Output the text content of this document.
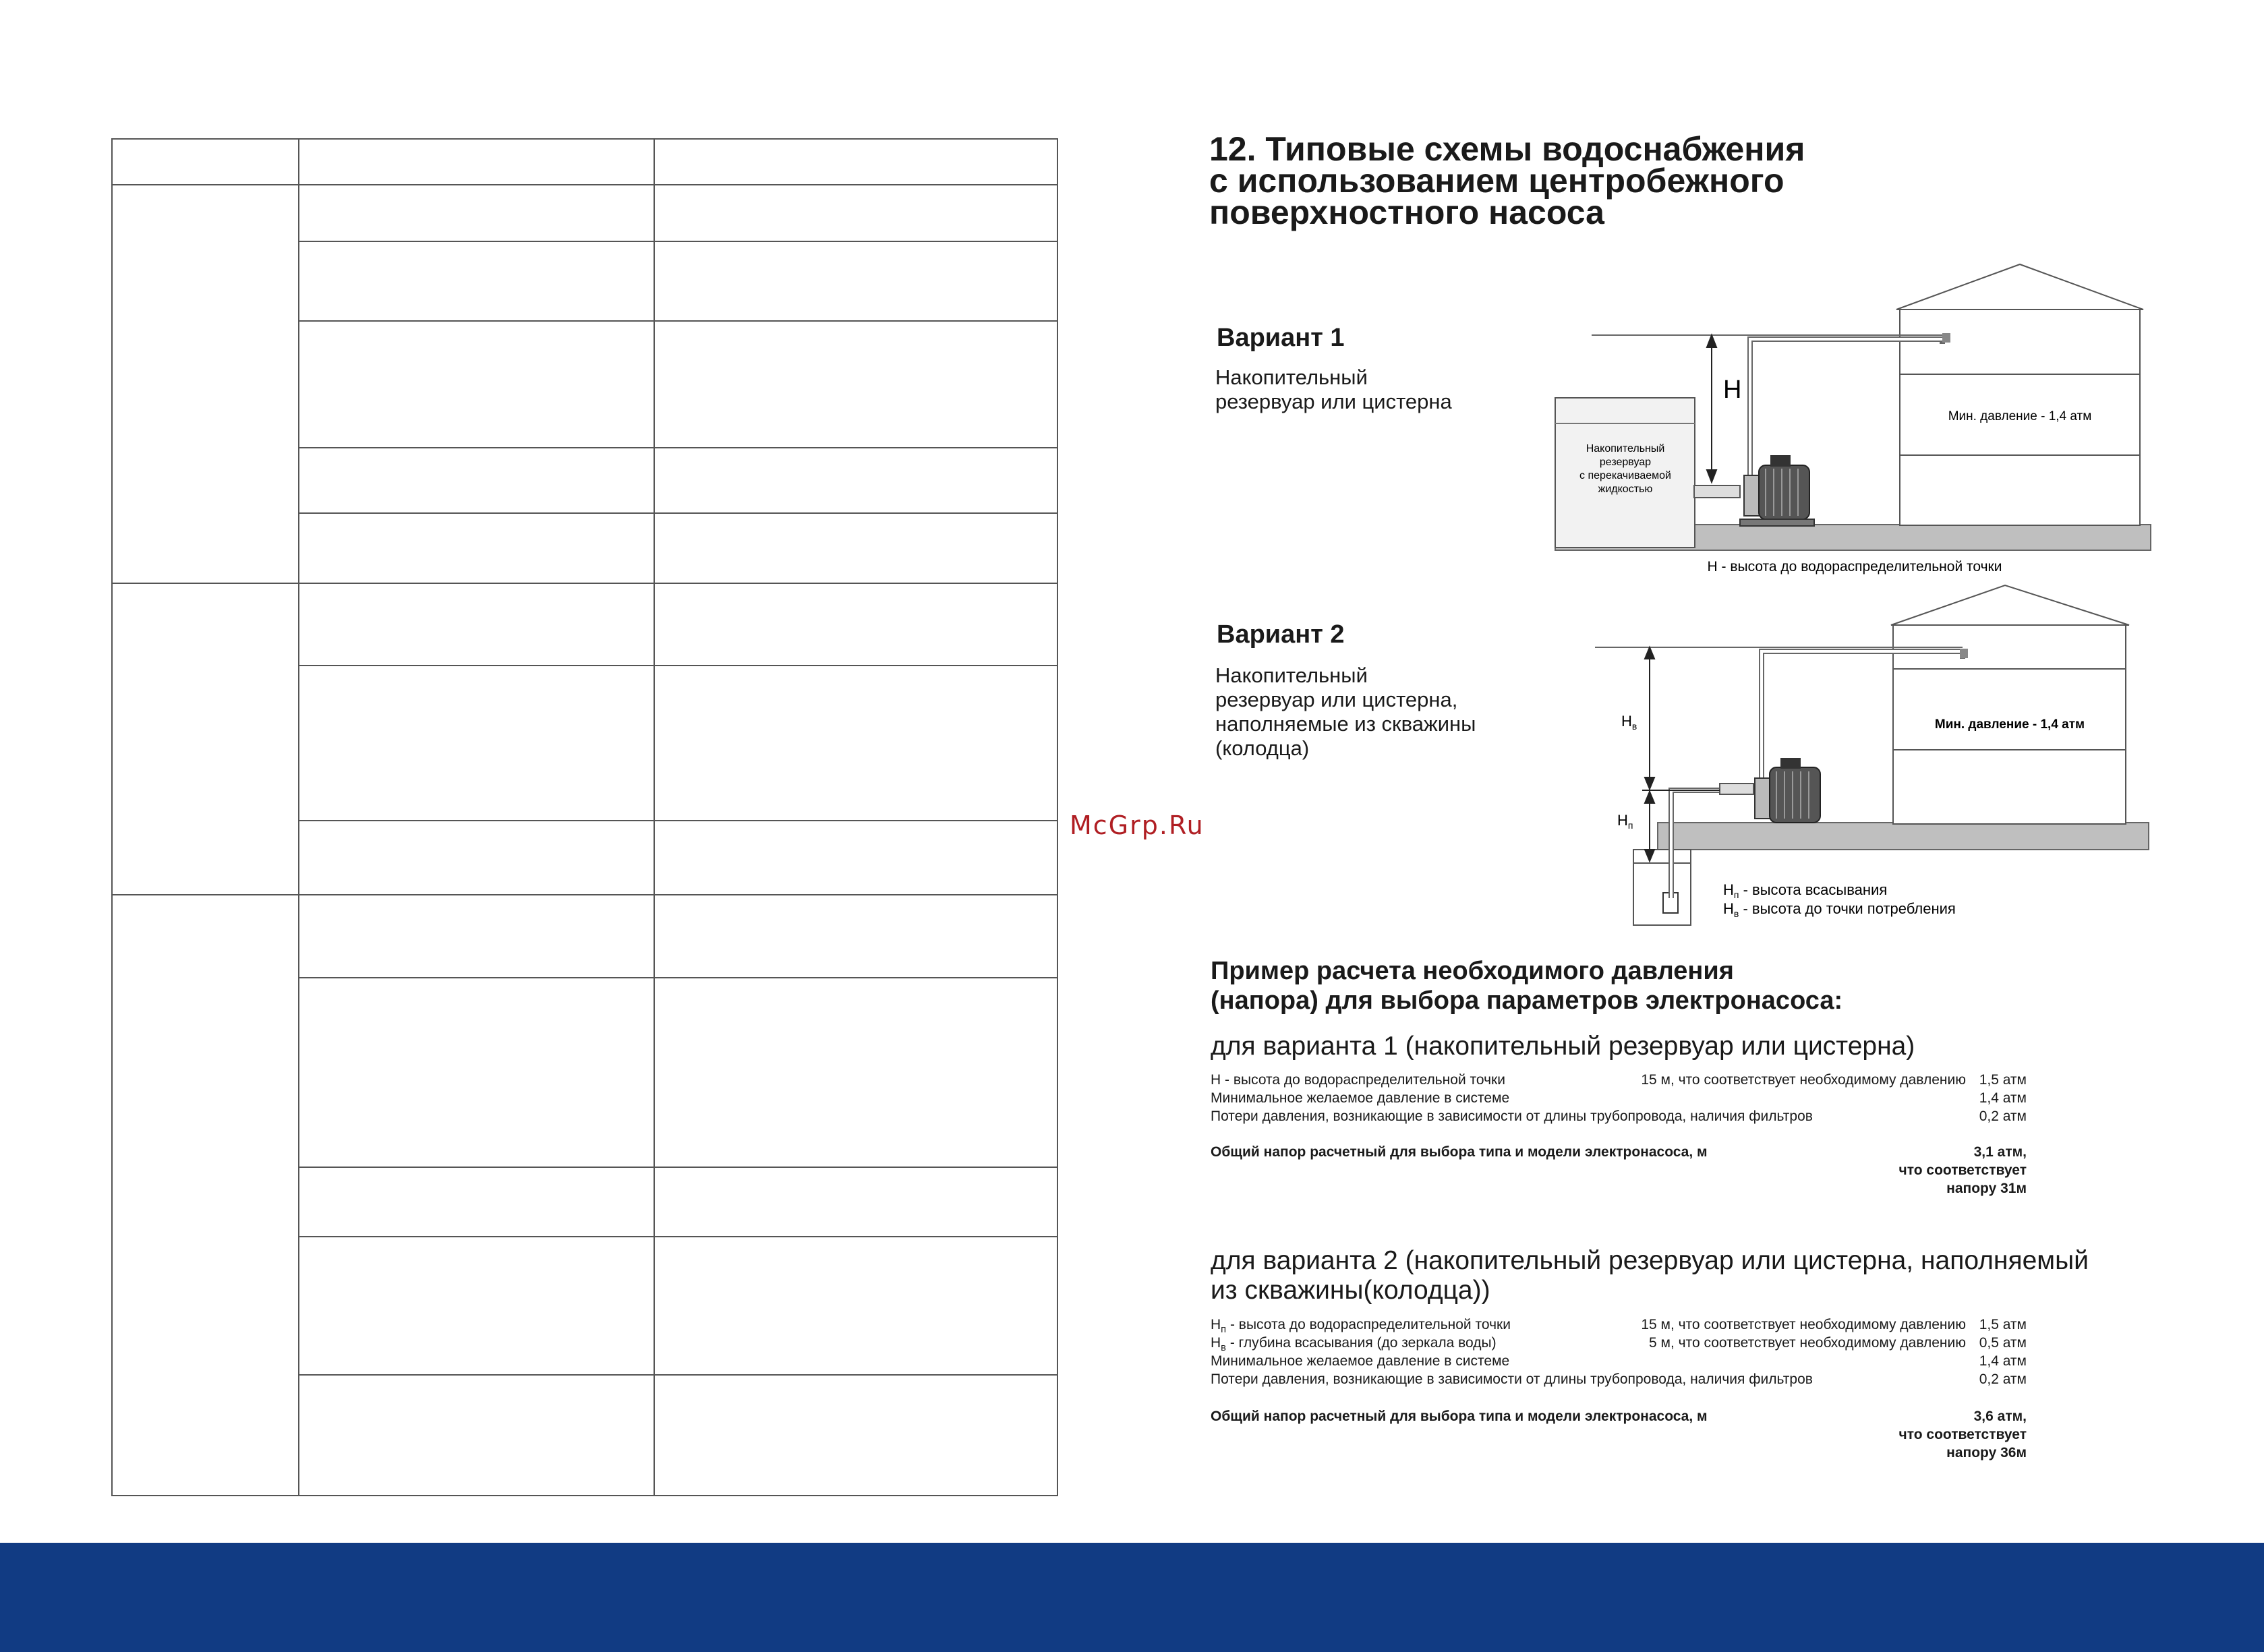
McGrp.Ru
12. Типовые схемы водоснабжения
с использованием центробежного
поверхностного насоса
Вариант 1
Накопительный
резервуар или цистерна
Накопительный
резервуар
с перекачиваемой
жидкостью
Мин. давление - 1,4 атм
H
H - высота до водораспределительной точки
Вариант 2
Накопительный
резервуар или цистерна,
наполняемые из скважины
(колодца)
Мин. давление - 1,4 атм
$H_в$
$H_п$
$H_п$ - высота всасывания
$H_в$ - высота до точки потребления
Пример расчета необходимого давления
(напора) для выбора параметров электронасоса:
для варианта 1 (накопительный резервуар или цистерна)
H - высота до водораспределительной точки	15 м, что соответствует необходимому давлению 1,5 атм
Минимальное желаемое давление в системе	1,4 атм
Потери давления, возникающие в зависимости от длины трубопровода, наличия фильтров	0,2 атм
Общий напор расчетный для выбора типа и модели электронасоса, м	3,1 атм,
что соответствует
напору 31м
для варианта 2 (накопительный резервуар или цистерна, наполняемый
из скважины(колодца))
$H_п$ - высота до водораспределительной точки	15 м, что соответствует необходимому давлению 1,5 атм
$H_в$ - глубина всасывания (до зеркала воды)	5 м, что соответствует необходимому давлению 0,5 атм
Минимальное желаемое давление в системе	1,4 атм
Потери давления, возникающие в зависимости от длины трубопровода, наличия фильтров	0,2 атм
Общий напор расчетный для выбора типа и модели электронасоса, м	3,6 атм,
что соответствует
напору 36м
